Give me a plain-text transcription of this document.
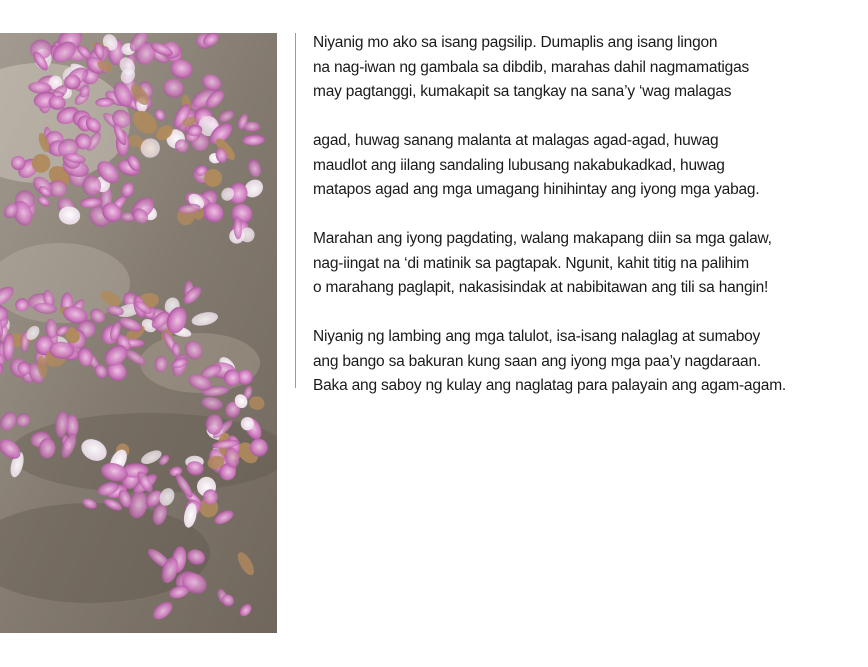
Niyanig mo ako sa isang pagsilip. Dumaplis ang isang lingon
na nag-iwan ng gambala sa dibdib, marahas dahil nagmamatigas
may pagtanggi, kumakapit sa tangkay na sana’y ‘wag malagas
agad, huwag sanang malanta at malagas agad-agad, huwag
maudlot ang iilang sandaling lubusang nakabukadkad, huwag
matapos agad ang mga umagang hinihintay ang iyong mga yabag.
Marahan ang iyong pagdating, walang makapang diin sa mga galaw,
nag-iingat na ‘di matinik sa pagtapak. Ngunit, kahit titig na palihim
o marahang paglapit, nakasisindak at nabibitawan ang tili sa hangin!
Niyanig ng lambing ang mga talulot, isa-isang nalaglag at sumaboy
ang bango sa bakuran kung saan ang iyong mga paa’y nagdaraan.
Baka ang saboy ng kulay ang naglatag para palayain ang agam-agam.
